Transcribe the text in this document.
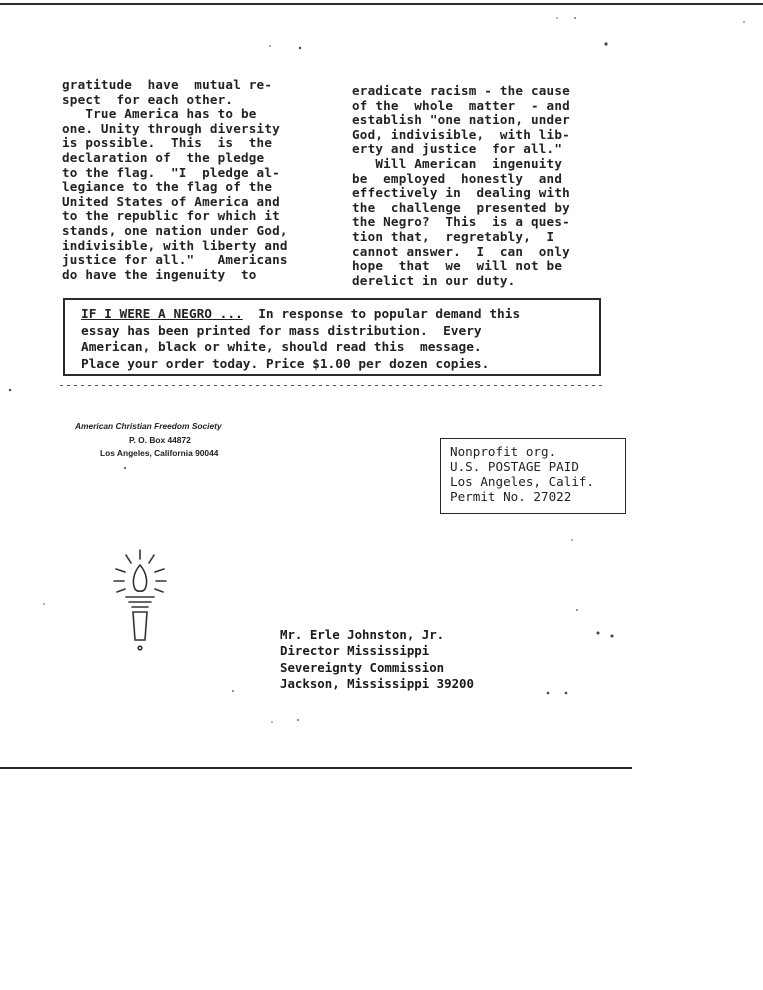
gratitude  have  mutual re-
spect  for each other.
True America has to be
one. Unity through diversity
is possible.  This  is  the
declaration of  the pledge
to the flag.  "I  pledge al-
legiance to the flag of the
United States of America and
to the republic for which it
stands, one nation under God,
indivisible, with liberty and
justice for all."   Americans
do have the ingenuity  to
eradicate racism - the cause
of the  whole  matter  - and
establish "one nation, under
God, indivisible,  with lib-
erty and justice  for all."
Will American  ingenuity
be  employed  honestly  and
effectively in  dealing with
the  challenge  presented by
the Negro?  This  is a ques-
tion that,  regretably,  I
cannot answer.  I  can  only
hope  that  we  will not be
derelict in our duty.
IF I WERE A NEGRO ...  In response to popular demand this
essay has been printed for mass distribution.  Every
American, black or white, should read this  message.
Place your order today. Price $1.00 per dozen copies.
American Christian Freedom Society
P. O. Box 44872
Los Angeles, California 90044	Nonprofit org.
U.S. POSTAGE PAID
Los Angeles, Calif.
Permit No. 27022
Mr. Erle Johnston, Jr.
Director Mississippi
Severeignty Commission
Jackson, Mississippi 39200
